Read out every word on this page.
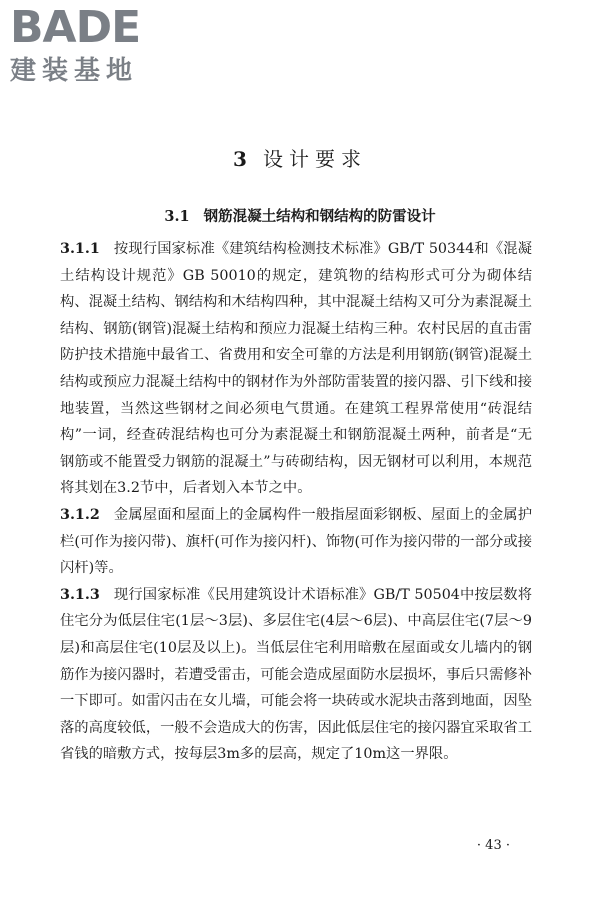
BADE
建装基地
3 设计要求
3.1 钢筋混凝土结构和钢结构的防雷设计

3.1.1 按现行国家标准《建筑结构检测技术标准》GB/T 50344和《混凝土结构设计规范》GB 50010的规定，建筑物的结构形式可分为砌体结构、混凝土结构、钢结构和木结构四种，其中混凝土结构又可分为素混凝土结构、钢筋(钢管)混凝土结构和预应力混凝土结构三种。农村民居的直击雷防护技术措施中最省工、省费用和安全可靠的方法是利用钢筋(钢管)混凝土结构或预应力混凝土结构中的钢材作为外部防雷装置的接闪器、引下线和接地装置，当然这些钢材之间必须电气贯通。在建筑工程界常使用“砖混结构”一词，经查砖混结构也可分为素混凝土和钢筋混凝土两种，前者是“无钢筋或不能置受力钢筋的混凝土”与砖砌结构，因无钢材可以利用，本规范将其划在3.2节中，后者划入本节之中。

3.1.2 金属屋面和屋面上的金属构件一般指屋面彩钢板、屋面上的金属护栏(可作为接闪带)、旗杆(可作为接闪杆)、饰物(可作为接闪带的一部分或接闪杆)等。

3.1.3 现行国家标准《民用建筑设计术语标准》GB/T 50504中按层数将住宅分为低层住宅(1层～3层)、多层住宅(4层～6层)、中高层住宅(7层～9层)和高层住宅(10层及以上)。当低层住宅利用暗敷在屋面或女儿墙内的钢筋作为接闪器时，若遭受雷击，可能会造成屋面防水层损坏，事后只需修补一下即可。如雷闪击在女儿墙，可能会将一块砖或水泥块击落到地面，因坠落的高度较低，一般不会造成大的伤害，因此低层住宅的接闪器宜采取省工省钱的暗敷方式，按每层3m多的层高，规定了10m这一界限。

· 43 ·
